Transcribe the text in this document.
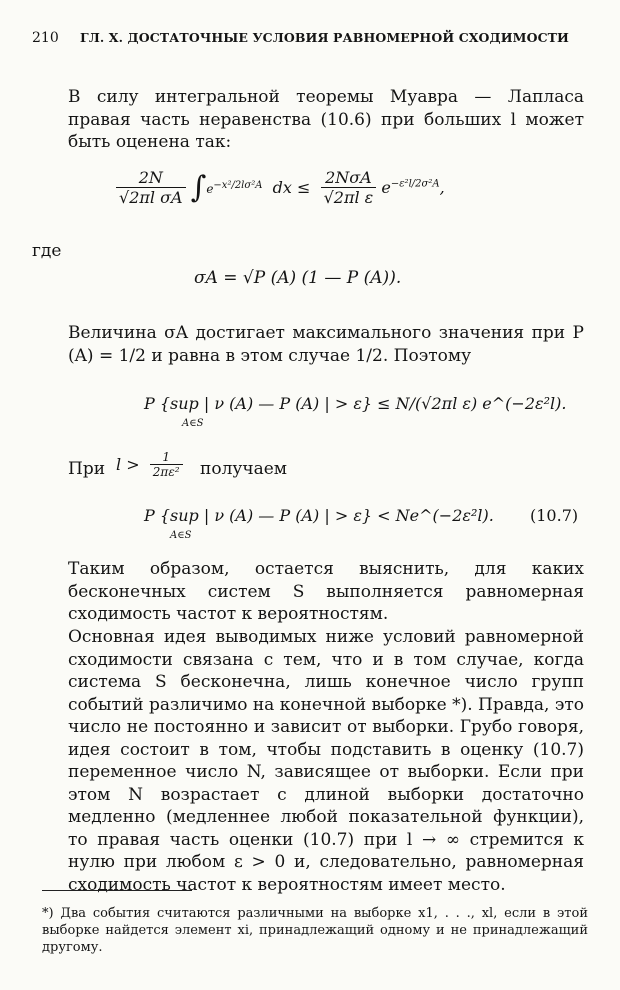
210 ГЛ. X. ДОСТАТОЧНЫЕ УСЛОВИЯ РАВНОМЕРНОЙ СХОДИМОСТИ
В силу интегральной теоремы Муавра — Лапласа правая часть неравенства (10.6) при больших l может быть оценена так:
$\frac{2N}{\text{√2πl σA}} \int e^{-x^2/2l\sigma^2A}$  dx ≤ $\frac{\text{2NσA}}{\text{√2πl ε}} e^{-\varepsilon^2l/2\sigma^2A}$,
где
σA = √P (A) (1 — P (A)).
Величина σA достигает максимального значения при P (A) = 1/2 и равна в этом случае 1/2. Поэтому
P {sup | ν (A) — P (A) | > ε} ≤ N/(√2πl ε) e^(−2ε²l).
A∈S
При $l > \frac{1}{\text{2πε²}}$ получаем
P {sup | ν (A) — P (A) | > ε} < Ne^(−2ε²l). (10.7)
A∈S
Таким образом, остается выяснить, для каких бесконечных систем S выполняется равномерная сходимость частот к вероятностям.
Основная идея выводимых ниже условий равномерной сходимости связана с тем, что и в том случае, когда система S бесконечна, лишь конечное число групп событий различимо на конечной выборке *). Правда, это число не постоянно и зависит от выборки. Грубо говоря, идея состоит в том, чтобы подставить в оценку (10.7) переменное число N, зависящее от выборки. Если при этом N возрастает с длиной выборки достаточно медленно (медленнее любой показательной функции), то правая часть оценки (10.7) при l → ∞ стремится к нулю при любом ε > 0 и, следовательно, равномерная сходимость частот к вероятностям имеет место.
*) Два события считаются различными на выборке x1, . . ., xl, если в этой выборке найдется элемент xi, принадлежащий одному и не принадлежащий другому.
